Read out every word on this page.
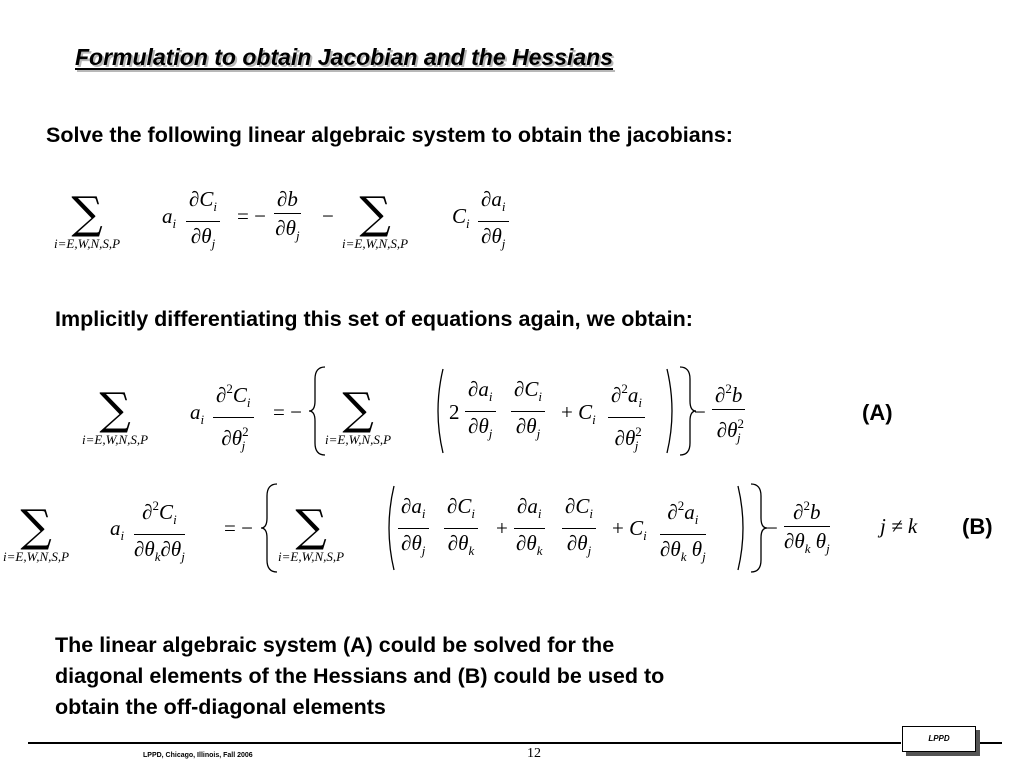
Formulation to obtain Jacobian and the Hessians
Solve the following linear algebraic system to obtain the jacobians:
∑
i=E,W,N,S,P
$a_i \frac{\partial C_i}{\partial\theta_j}$ = − $\frac{\partial b}{\partial\theta_j}$ − ∑
i=E,W,N,S,P
$C_i \frac{\partial a_i}{\partial\theta_j}$
Implicitly differentiating this set of equations again, we obtain:
∑
i=E,W,N,S,P
$a_i \frac{\partial^2C_i}{\partial\theta^2_j}$ = − ∑
i=E,W,N,S,P
$2 \frac{\partial a_i}{\partial\theta_j} \frac{\partial C_i}{\partial\theta_j} + C_i \frac{\partial^2a_i}{\partial\theta^2_j} - \frac{\partial^2b}{\partial\theta^2_j}$	(A)
∑
i=E,W,N,S,P
$a_i \frac{\partial^2C_i}{\partial\theta_k\partial\theta_j}$ = − ∑
i=E,W,N,S,P	$\frac{\partial a_i}{\partial\theta_j} \frac{\partial C_i}{\partial\theta_k} + \frac{\partial a_i}{\partial\theta_k} \frac{\partial C_i}{\partial\theta_j} + C_i \frac{\partial^2a_i}{\partial\theta_k \theta_j}$	− $\frac{\partial^2b}{\partial\theta_k \theta_j}$ j ≠ k (B)
The linear algebraic system (A) could be solved for the
diagonal elements of the Hessians and (B) could be used to
obtain the off-diagonal elements
LPPD, Chicago, Illinois, Fall 2006	12
LPPD
